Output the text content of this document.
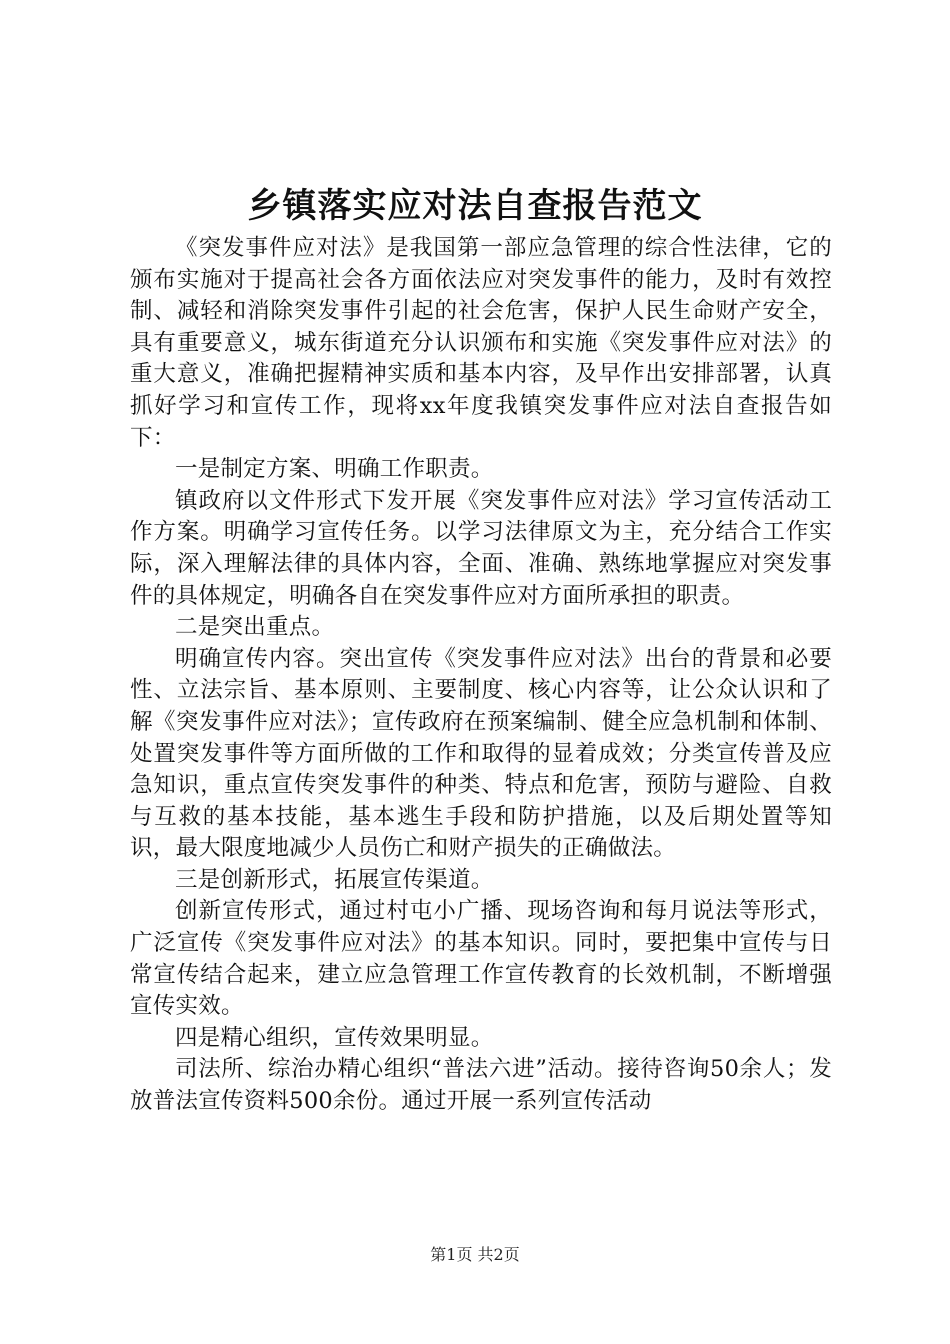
乡镇落实应对法自查报告范文

《突发事件应对法》是我国第一部应急管理的综合性法律，它的颁布实施对于提高社会各方面依法应对突发事件的能力，及时有效控制、减轻和消除突发事件引起的社会危害，保护人民生命财产安全，具有重要意义，城东街道充分认识颁布和实施《突发事件应对法》的重大意义，准确把握精神实质和基本内容，及早作出安排部署，认真抓好学习和宣传工作，现将xx年度我镇突发事件应对法自查报告如下：

一是制定方案、明确工作职责。

镇政府以文件形式下发开展《突发事件应对法》学习宣传活动工作方案。明确学习宣传任务。以学习法律原文为主，充分结合工作实际，深入理解法律的具体内容，全面、准确、熟练地掌握应对突发事件的具体规定，明确各自在突发事件应对方面所承担的职责。

二是突出重点。

明确宣传内容。突出宣传《突发事件应对法》出台的背景和必要性、立法宗旨、基本原则、主要制度、核心内容等，让公众认识和了解《突发事件应对法》；宣传政府在预案编制、健全应急机制和体制、处置突发事件等方面所做的工作和取得的显着成效；分类宣传普及应急知识，重点宣传突发事件的种类、特点和危害，预防与避险、自救与互救的基本技能，基本逃生手段和防护措施，以及后期处置等知识，最大限度地减少人员伤亡和财产损失的正确做法。

三是创新形式，拓展宣传渠道。

创新宣传形式，通过村屯小广播、现场咨询和每月说法等形式，广泛宣传《突发事件应对法》的基本知识。同时，要把集中宣传与日常宣传结合起来，建立应急管理工作宣传教育的长效机制，不断增强宣传实效。

四是精心组织，宣传效果明显。

司法所、综治办精心组织“普法六进”活动。接待咨询50余人；发放普法宣传资料500余份。通过开展一系列宣传活动

第1页 共2页
